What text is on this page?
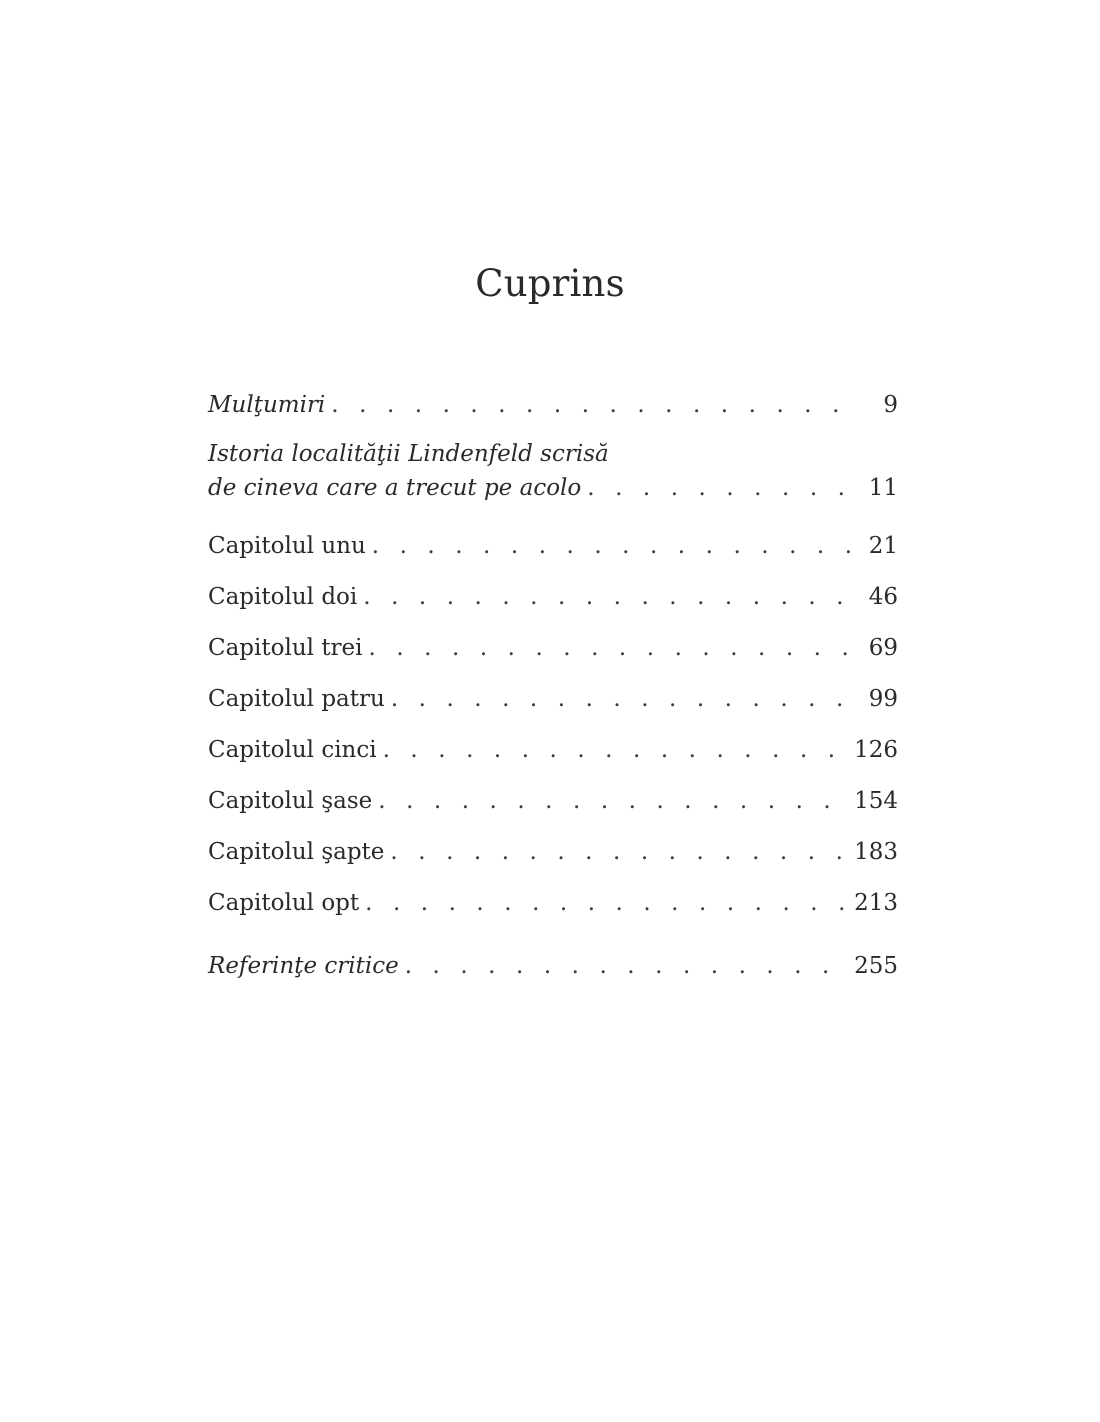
Cuprins
Mulţumiri . . .	9
Istoria localităţii Lindenfeld scrisă
de cineva care a trecut pe acolo . . .	11
Capitolul unu . . .	21
Capitolul doi . . .	46
Capitolul trei . . .	69
Capitolul patru . . .	99
Capitolul cinci . . .	126
Capitolul şase . . .	154
Capitolul şapte . . .	183
Capitolul opt . . .	213
Referinţe critice . . .	255
